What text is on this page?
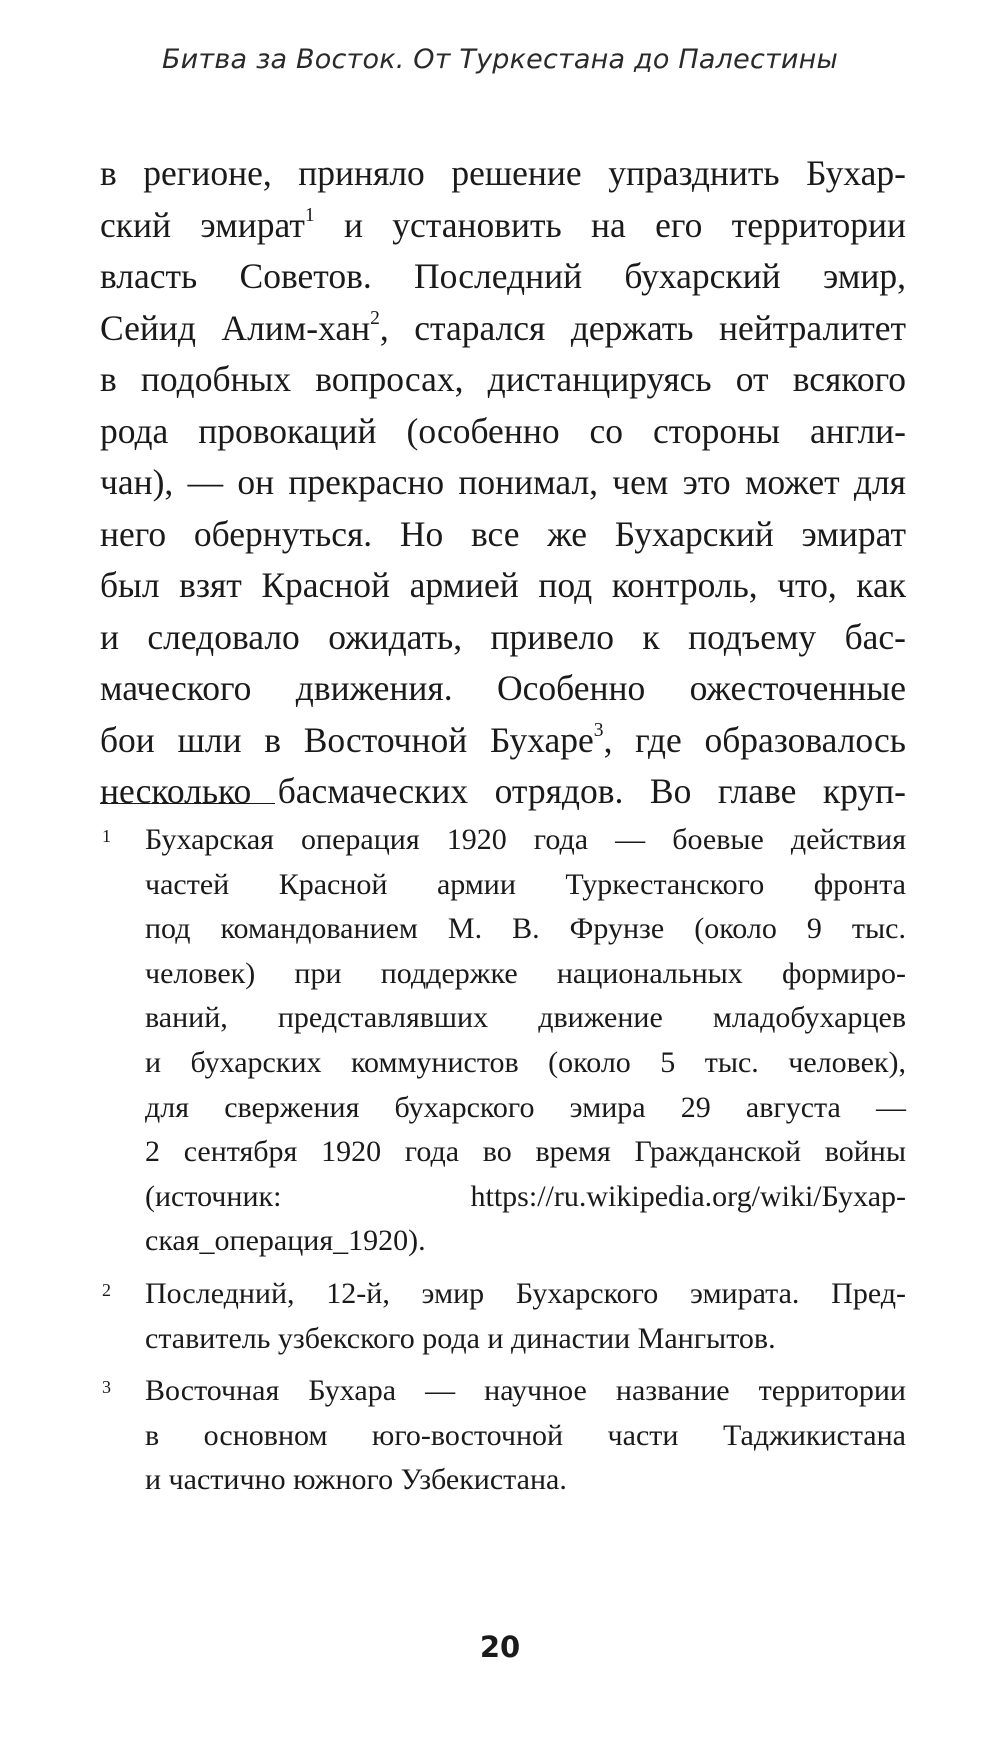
Битва за Восток. От Туркестана до Палестины
в регионе, приняло решение упразднить Бухар-
ский эмират$^1$ и установить на его территории
власть Советов. Последний бухарский эмир,
Сейид Алим-хан$^2$, старался держать нейтралитет
в подобных вопросах, дистанцируясь от всякого
рода провокаций (особенно со стороны англи-
чан), — он прекрасно понимал, чем это может для
него обернуться. Но все же Бухарский эмират
был взят Красной армией под контроль, что, как
и следовало ожидать, привело к подъему бас-
маческого движения. Особенно ожесточенные
бои шли в Восточной Бухаре$^3$, где образовалось
несколько басмаческих отрядов. Во главе круп-
1 Бухарская операция 1920 года — боевые действия
частей Красной армии Туркестанского фронта
под командованием М. В. Фрунзе (около 9 тыс.
человек) при поддержке национальных формиро-
ваний, представлявших движение младобухарцев
и бухарских коммунистов (около 5 тыс. человек),
для свержения бухарского эмира 29 августа —
2 сентября 1920 года во время Гражданской войны
(источник: https://ru.wikipedia.org/wiki/Бухар-
ская_операция_1920).
2 Последний, 12-й, эмир Бухарского эмирата. Пред-
ставитель узбекского рода и династии Мангытов.
3 Восточная Бухара — научное название территории
в основном юго-восточной части Таджикистана
и частично южного Узбекистана.
20
